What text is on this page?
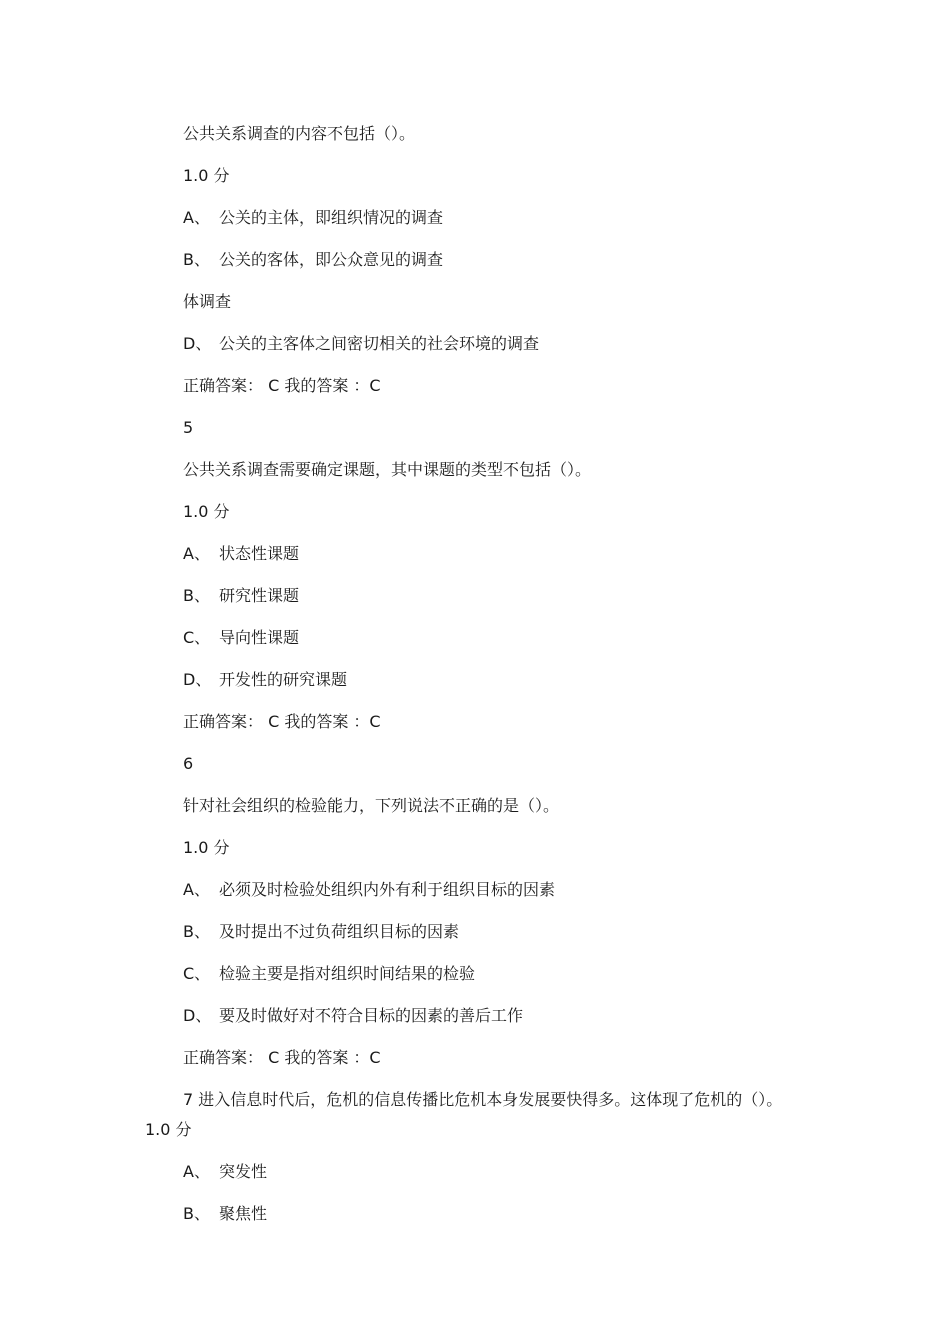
公共关系调查的内容不包括（）。
1.0 分
A、 公关的主体，即组织情况的调查
B、 公关的客体，即公众意见的调查
体调查
D、 公关的主客体之间密切相关的社会环境的调查
正确答案： C 我的答案 ：C
5
公共关系调查需要确定课题，其中课题的类型不包括（）。
1.0 分
A、 状态性课题
B、 研究性课题
C、 导向性课题
D、 开发性的研究课题
正确答案： C 我的答案 ：C
6
针对社会组织的检验能力，下列说法不正确的是（）。
1.0 分
A、 必须及时检验处组织内外有利于组织目标的因素
B、 及时提出不过负荷组织目标的因素
C、 检验主要是指对组织时间结果的检验
D、 要及时做好对不符合目标的因素的善后工作
正确答案： C 我的答案 ：C
7 进入信息时代后，危机的信息传播比危机本身发展要快得多。这体现了危机的（）。
1.0 分
A、 突发性
B、 聚焦性
